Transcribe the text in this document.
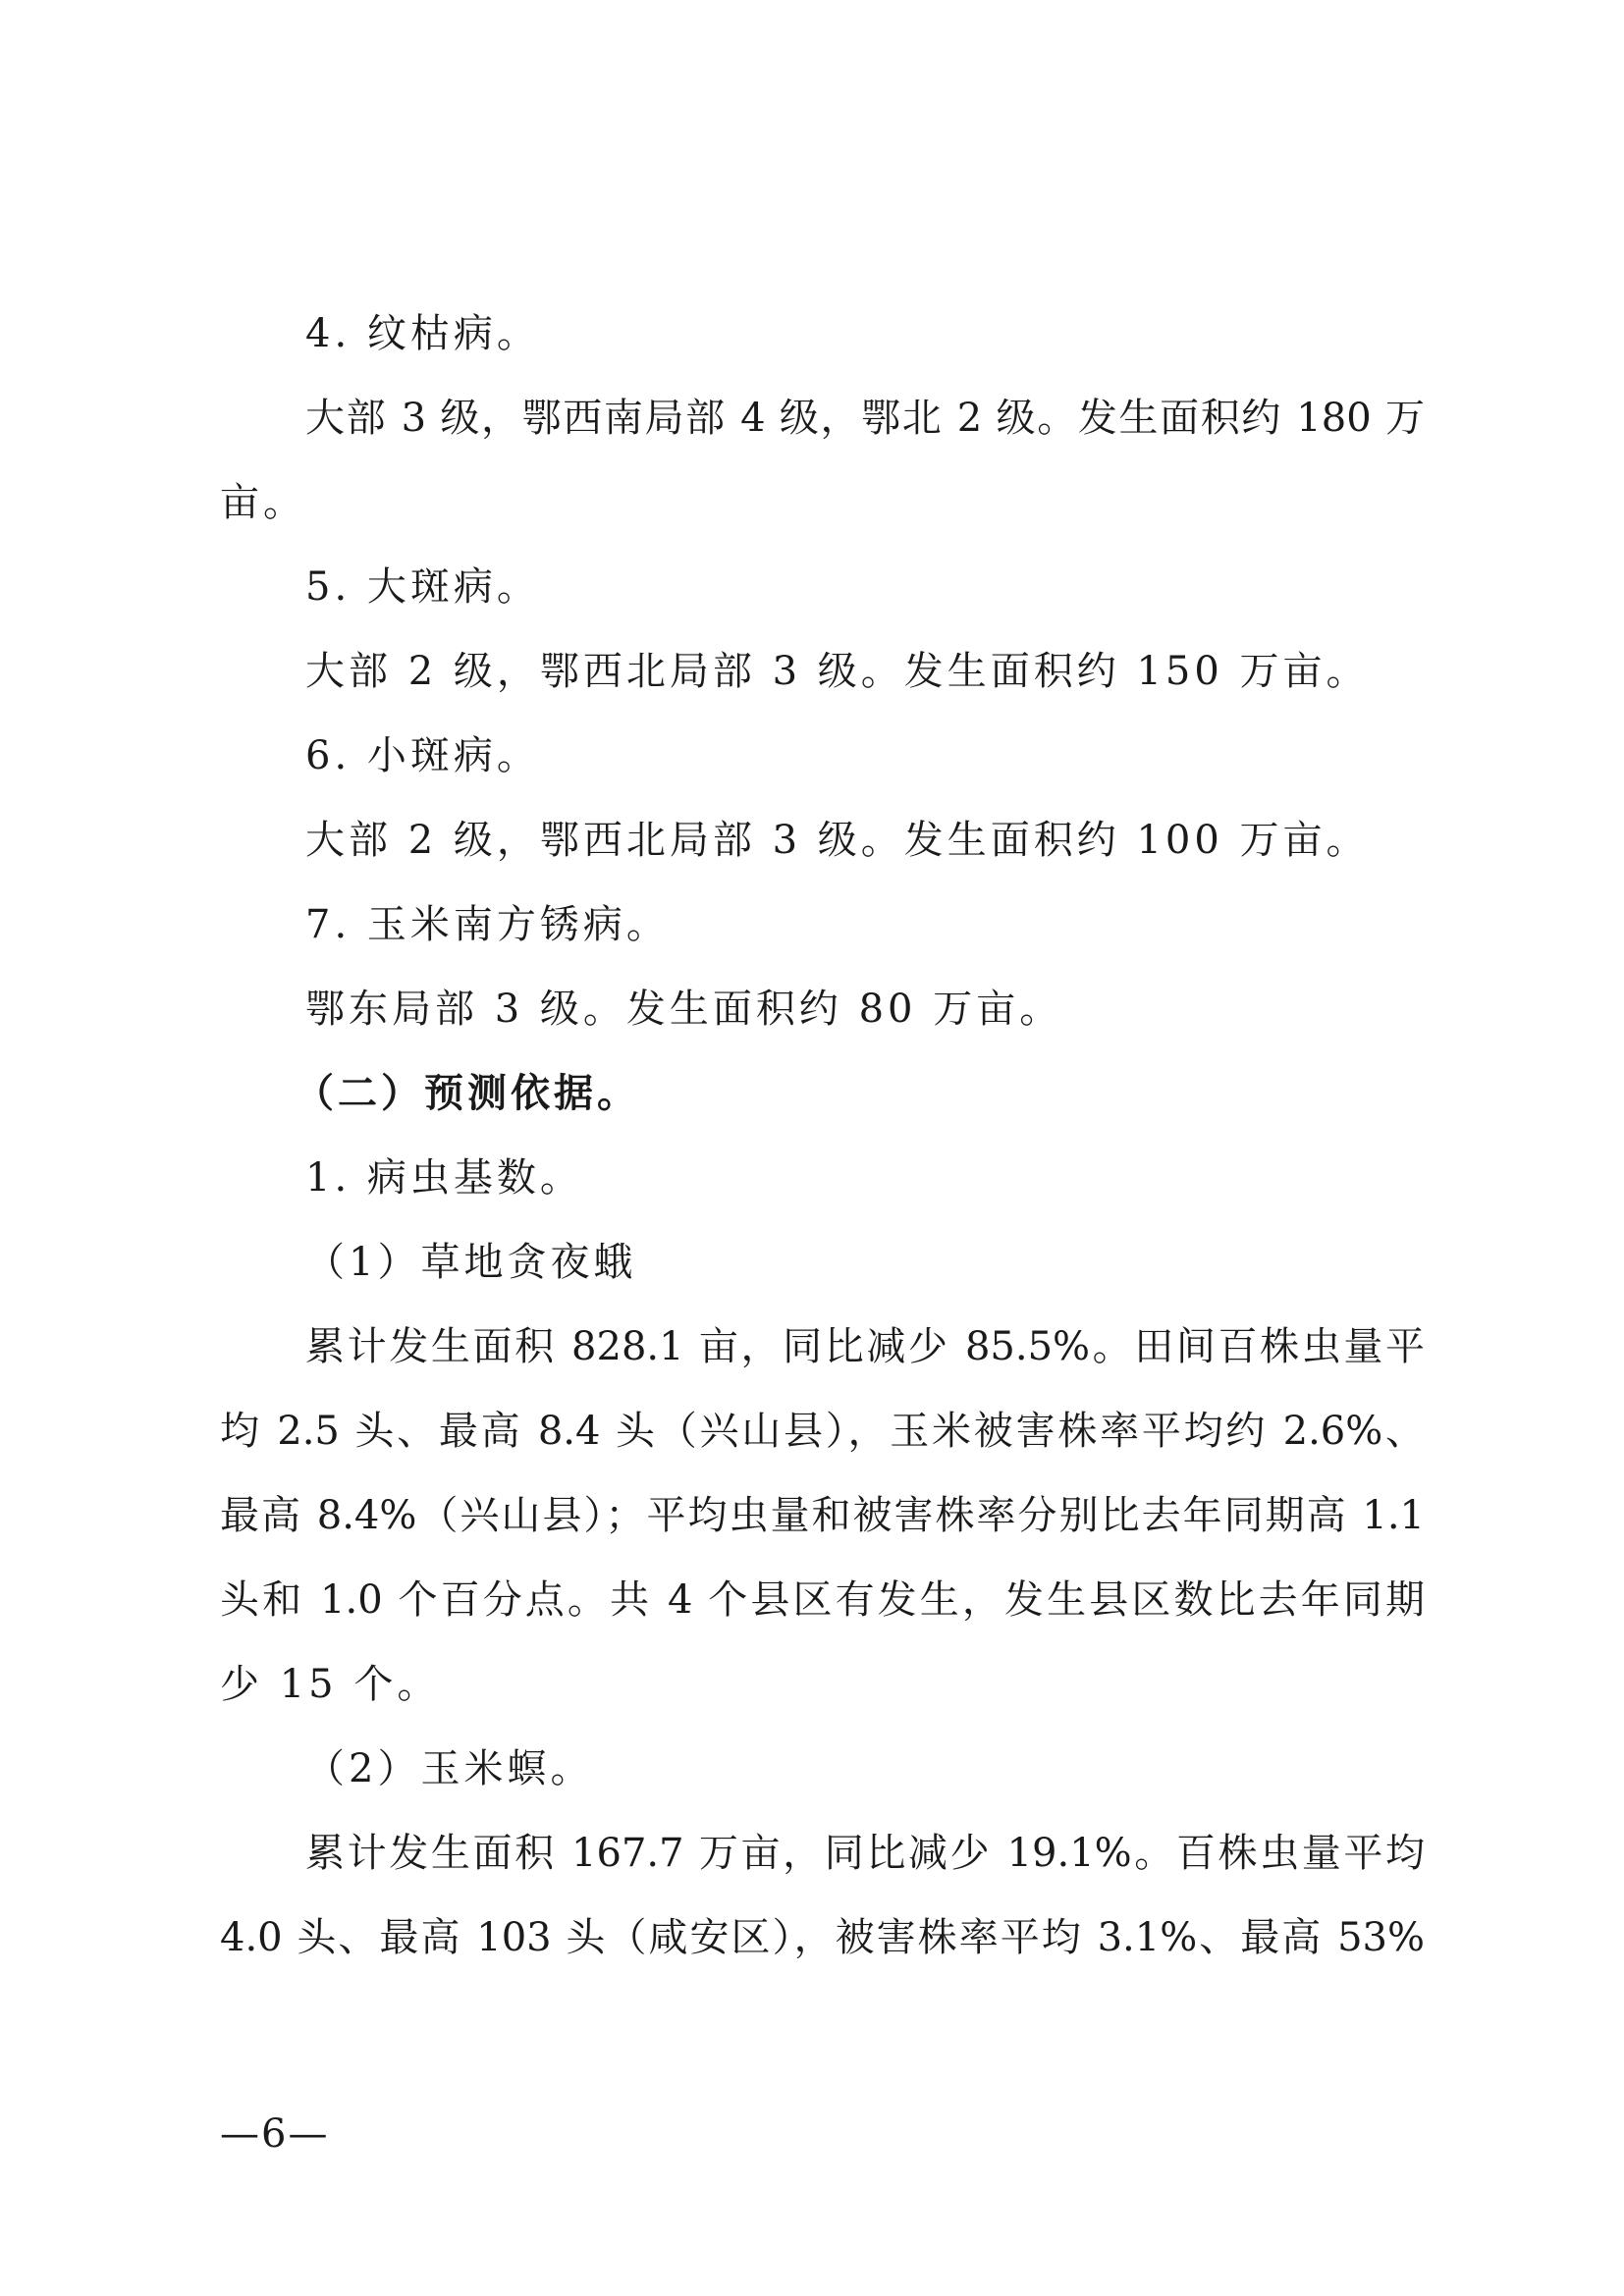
4. 纹枯病。
大部 3 级，鄂西南局部 4 级，鄂北 2 级。发生面积约 180 万
亩。
5. 大斑病。
大部 2 级，鄂西北局部 3 级。发生面积约 150 万亩。
6. 小斑病。
大部 2 级，鄂西北局部 3 级。发生面积约 100 万亩。
7. 玉米南方锈病。
鄂东局部 3 级。发生面积约 80 万亩。
（二）预测依据。
1. 病虫基数。
（1）草地贪夜蛾
累计发生面积 828.1 亩，同比减少 85.5%。田间百株虫量平
均 2.5 头、最高 8.4 头（兴山县），玉米被害株率平均约 2.6%、
最高 8.4%（兴山县）；平均虫量和被害株率分别比去年同期高 1.1
头和 1.0 个百分点。共 4 个县区有发生，发生县区数比去年同期
少 15 个。
（2）玉米螟。
累计发生面积 167.7 万亩，同比减少 19.1%。百株虫量平均
4.0 头、最高 103 头（咸安区），被害株率平均 3.1%、最高 53%
—6—
